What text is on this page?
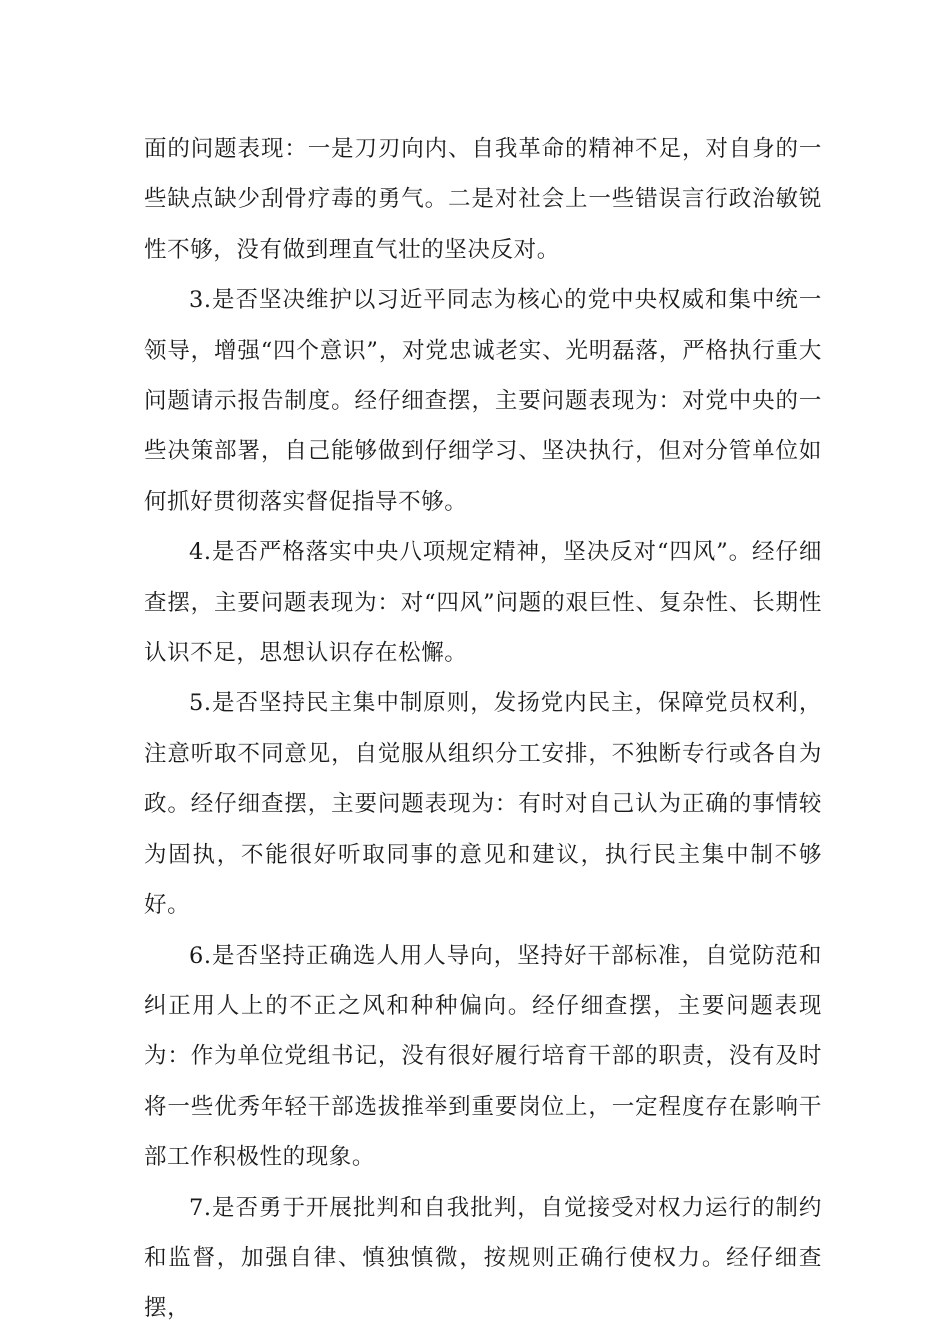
面的问题表现：一是刀刃向内、自我革命的精神不足，对自身的一些缺点缺少刮骨疗毒的勇气。二是对社会上一些错误言行政治敏锐性不够，没有做到理直气壮的坚决反对。

3.是否坚决维护以习近平同志为核心的党中央权威和集中统一领导，增强“四个意识”，对党忠诚老实、光明磊落，严格执行重大问题请示报告制度。经仔细查摆，主要问题表现为：对党中央的一些决策部署，自己能够做到仔细学习、坚决执行，但对分管单位如何抓好贯彻落实督促指导不够。

4.是否严格落实中央八项规定精神，坚决反对“四风”。经仔细查摆，主要问题表现为：对“四风”问题的艰巨性、复杂性、长期性认识不足，思想认识存在松懈。

5.是否坚持民主集中制原则，发扬党内民主，保障党员权利，注意听取不同意见，自觉服从组织分工安排，不独断专行或各自为政。经仔细查摆，主要问题表现为：有时对自己认为正确的事情较为固执，不能很好听取同事的意见和建议，执行民主集中制不够好。

6.是否坚持正确选人用人导向，坚持好干部标准，自觉防范和纠正用人上的不正之风和种种偏向。经仔细查摆，主要问题表现为：作为单位党组书记，没有很好履行培育干部的职责，没有及时将一些优秀年轻干部选拔推举到重要岗位上，一定程度存在影响干部工作积极性的现象。

7.是否勇于开展批判和自我批判，自觉接受对权力运行的制约和监督，加强自律、慎独慎微，按规则正确行使权力。经仔细查摆，
